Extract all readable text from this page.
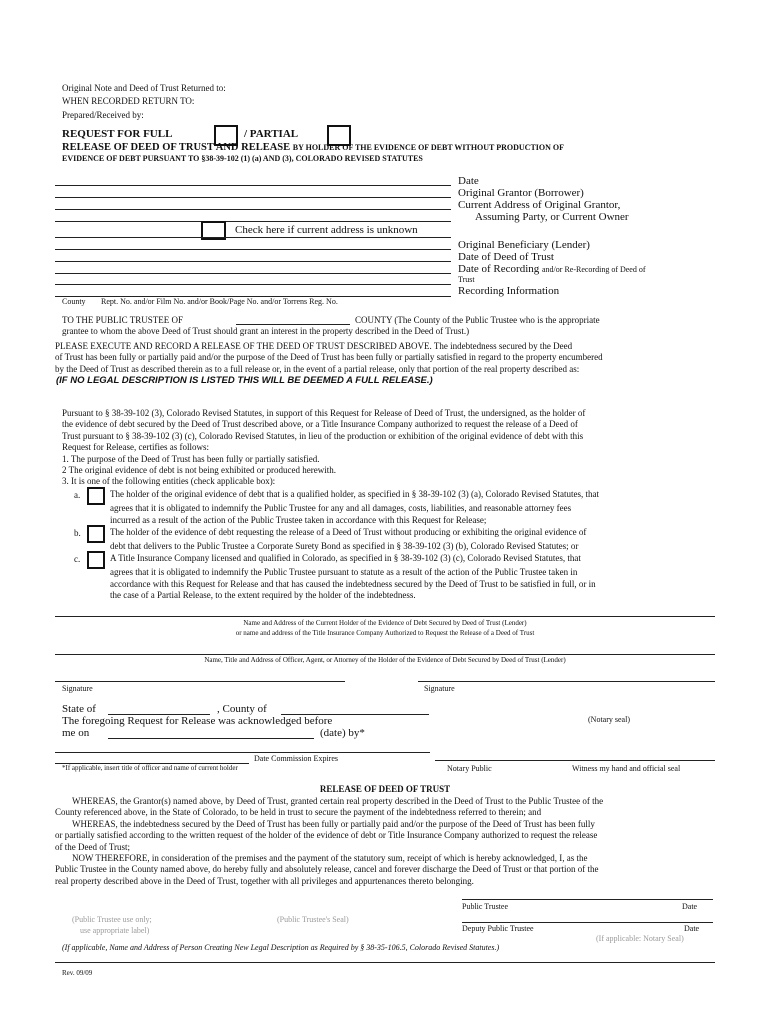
Original Note and Deed of Trust Returned to:
WHEN RECORDED RETURN TO:
Prepared/Received by:
REQUEST FOR FULL	/ PARTIAL
RELEASE OF DEED OF TRUST AND RELEASE BY HOLDER OF THE EVIDENCE OF DEBT WITHOUT PRODUCTION OF
EVIDENCE OF DEBT PURSUANT TO §38-39-102 (1) (a) AND (3), COLORADO REVISED STATUTES
Date
Original Grantor (Borrower)
Current Address of Original Grantor,
Assuming Party, or Current Owner
Check here if current address is unknown
Original Beneficiary (Lender)
Date of Deed of Trust
Date of Recording and/or Re-Recording of Deed of
Trust
Recording Information
County Rept. No. and/or Film No. and/or Book/Page No. and/or Torrens Reg. No.
TO THE PUBLIC TRUSTEE OF	COUNTY (The County of the Public Trustee who is the appropriate
grantee to whom the above Deed of Trust should grant an interest in the property described in the Deed of Trust.)
PLEASE EXECUTE AND RECORD A RELEASE OF THE DEED OF TRUST DESCRIBED ABOVE. The indebtedness secured by the Deed
of Trust has been fully or partially paid and/or the purpose of the Deed of Trust has been fully or partially satisfied in regard to the property encumbered
by the Deed of Trust as described therein as to a full release or, in the event of a partial release, only that portion of the real property described as:
(IF NO LEGAL DESCRIPTION IS LISTED THIS WILL BE DEEMED A FULL RELEASE.)
Pursuant to § 38-39-102 (3), Colorado Revised Statutes, in support of this Request for Release of Deed of Trust, the undersigned, as the holder of
the evidence of debt secured by the Deed of Trust described above, or a Title Insurance Company authorized to request the release of a Deed of
Trust pursuant to § 38-39-102 (3) (c), Colorado Revised Statutes, in lieu of the production or exhibition of the original evidence of debt with this
Request for Release, certifies as follows:
1. The purpose of the Deed of Trust has been fully or partially satisfied.
2 The original evidence of debt is not being exhibited or produced herewith.
3. It is one of the following entities (check applicable box):
a.	The holder of the original evidence of debt that is a qualified holder, as specified in § 38-39-102 (3) (a), Colorado Revised Statutes, that
agrees that it is obligated to indemnify the Public Trustee for any and all damages, costs, liabilities, and reasonable attorney fees
incurred as a result of the action of the Public Trustee taken in accordance with this Request for Release;
b.	The holder of the evidence of debt requesting the release of a Deed of Trust without producing or exhibiting the original evidence of
debt that delivers to the Public Trustee a Corporate Surety Bond as specified in § 38-39-102 (3) (b), Colorado Revised Statutes; or
c.	A Title Insurance Company licensed and qualified in Colorado, as specified in § 38-39-102 (3) (c), Colorado Revised Statutes, that
agrees that it is obligated to indemnify the Public Trustee pursuant to statute as a result of the action of the Public Trustee taken in
accordance with this Request for Release and that has caused the indebtedness secured by the Deed of Trust to be satisfied in full, or in
the case of a Partial Release, to the extent required by the holder of the indebtedness.
Name and Address of the Current Holder of the Evidence of Debt Secured by Deed of Trust (Lender)
or name and address of the Title Insurance Company Authorized to Request the Release of a Deed of Trust
Name, Title and Address of Officer, Agent, or Attorney of the Holder of the Evidence of Debt Secured by Deed of Trust (Lender)
Signature	Signature
State of	, County of
The foregoing Request for Release was acknowledged before	(Notary seal)
me on	(date) by*
Date Commission Expires
*If applicable, insert title of officer and name of current holder	Notary Public	Witness my hand and official seal
RELEASE OF DEED OF TRUST
WHEREAS, the Grantor(s) named above, by Deed of Trust, granted certain real property described in the Deed of Trust to the Public Trustee of the
County referenced above, in the State of Colorado, to be held in trust to secure the payment of the indebtedness referred to therein; and
WHEREAS, the indebtedness secured by the Deed of Trust has been fully or partially paid and/or the purpose of the Deed of Trust has been fully
or partially satisfied according to the written request of the holder of the evidence of debt or Title Insurance Company authorized to request the release
of the Deed of Trust;
NOW THEREFORE, in consideration of the premises and the payment of the statutory sum, receipt of which is hereby acknowledged, I, as the
Public Trustee in the County named above, do hereby fully and absolutely release, cancel and forever discharge the Deed of Trust or that portion of the
real property described above in the Deed of Trust, together with all privileges and appurtenances thereto belonging.
Public Trustee	Date
(Public Trustee use only;
use appropriate label)
(Public Trustee's Seal)
Deputy Public Trustee	Date
(If applicable: Notary Seal)
(If applicable, Name and Address of Person Creating New Legal Description as Required by § 38-35-106.5, Colorado Revised Statutes.)
Rev. 09/09
